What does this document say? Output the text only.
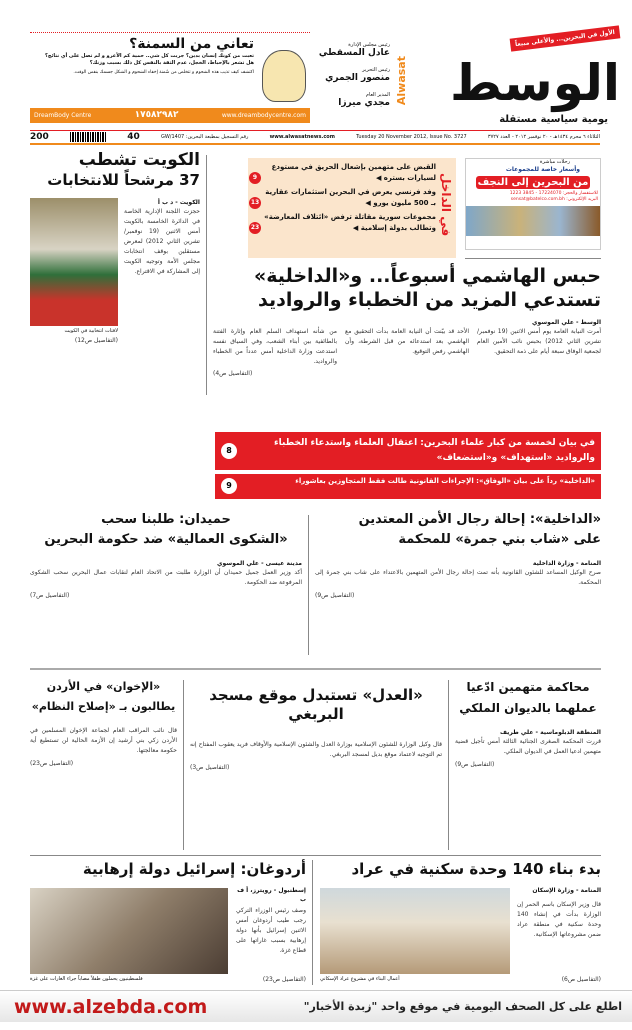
الأول في البحرين... والأعلى مبيعاً
الوسط
Alwasat
يومية سياسية مستقلة
رئيس مجلس الإدارة
عادل المسقطي
رئيس التحرير
منصور الجمري
المدير العام
مجدي ميرزا
تعاني من السمنة؟
تعبت من كونك إنسان بدين؟ جربت كل شي.. حمية كم الأعرو و لم تصل على أي نتائج؟
هل تشعر بالإحباط، الخجل، عدم الثقة بالنفس كل ذلك بسبب وزنك؟
اكتشف كيف تذيب هذه الشحوم و تتخلص من سُمنة إخفاء الشحوم و الشكل جسمك بنفس الوقت.
DreamBody Centre	١٧٥٨٢٩٨٢	www.dreambodycentre.com
200	40	رقم التسجيل بمطبعة البحرين: GW/1407	www.alwasatnews.com	Tuesday 20 November 2012, Issue No. 3727	الثلاثاء ٦ محرم ١٤٣٤هـ - ٢٠ نوفمبر ٢٠١٢ - العدد ٣٧٢٧
الكويت تشطب
37 مرشحاً للانتخابات
لافتات انتخابية في الكويت
(التفاصيل ص12)
الكويت - د ب أ
حجزت اللجنة الإدارية الخاصة في الدائرة الخامسة بالكويت أمس الاثنين (19 نوفمبر/ تشرين الثاني 2012) لمعرض مستقلين بوقف انتخابات مجلس الأمة وتوجيه الكويت إلى المشاركة في الاقتراع.
في الداخل
القبض على متهمين بإشعال الحريق في مستودع لسيارات بستره ◀
9
وفد فرنسي يعرض في البحرين استثمارات عقارية بـ 500 مليون يورو ◀
13
مجموعات سورية مقاتلة ترفض «ائتلاف المعارضة» وتطالب بدولة إسلامية ◀
23
رحلات مباشرة
وأسعار خاصة للمجموعات
من البحرين إلى النجف
للاستفسار والحجز: 17224070 - 3845 1223
البريد الإلكتروني: sensat@batelco.com.bh
حبس الهاشمي أسبوعاً... و«الداخلية»
تستدعي المزيد من الخطباء والرواديد
الوسط - علي الموسوي
أمرت النيابة العامة يوم أمس الاثنين (19 نوفمبر/ تشرين الثاني 2012) بحبس نائب الأمين العام لجمعية الوفاق سبعة أيام على ذمة التحقيق.
الأحد قد بيّنت أن النيابة العامة بدأت التحقيق مع الهاشمي بعد استدعائه من قبل الشرطة، وأن الهاشمي رفض التوقيع.
من شأنه استهداف السلم العام وإثارة الفتنة بالطائفية بين أبناء الشعب، وفي السياق نفسه استدعت وزارة الداخلية أمس عدداً من الخطباء والرواديد.
(التفاصيل ص4)
في بيان لخمسة من كبار علماء البحرين: اعتقال العلماء واستدعاء الخطباء والرواديد «استهداف» و«استضعاف»
8
«الداخلية» رداً على بيان «الوفاق»: الإجراءات القانونية طالت فقط المتجاوزين بعاشوراء
9
«الداخلية»: إحالة رجال الأمن المعتدين
على «شاب بني جمرة» للمحكمة
المنامة - وزارة الداخلية
صرح الوكيل المساعد للشئون القانونية بأنه تمت إحالة رجال الأمن المتهمين بالاعتداء على شاب بني جمرة إلى المحكمة.
(التفاصيل ص9)
حميدان: طلبنا سحب
«الشكوى العمالية» ضد حكومة البحرين
مدينة عيسى - علي الموسوي
أكد وزير العمل جميل حميدان أن الوزارة طلبت من الاتحاد العام لنقابات عمال البحرين سحب الشكوى المرفوعة ضد الحكومة.
(التفاصيل ص7)
محاكمة متهمين ادّعيا
عملهما بالديوان الملكي
المنطقة الدبلوماسية - علي طريف
قررت المحكمة الصغرى الجنائية الثالثة أمس تأجيل قضية متهمين ادعيا العمل في الديوان الملكي.
(التفاصيل ص9)
«العدل» تستبدل موقع مسجد البربغي
قال وكيل الوزارة للشئون الإسلامية بوزارة العدل والشئون الإسلامية والأوقاف فريد يعقوب المفتاح إنه تم التوجيه لاعتماد موقع بديل لمسجد البربغي.
(التفاصيل ص3)
«الإخوان» في الأردن
يطالبون بـ «إصلاح النظام»
قال نائب المراقب العام لجماعة الإخوان المسلمين في الأردن زكي بني أرشيد إن الأزمة الحالية لن تستطيع أية حكومة معالجتها.
(التفاصيل ص23)
بدء بناء 140 وحدة سكنية في عراد
المنامة - وزارة الإسكان
قال وزير الإسكان باسم الحمر إن الوزارة بدأت في إنشاء 140 وحدة سكنية في منطقة عراد ضمن مشروعاتها الإسكانية.
أعمال البناء في مشروع عراد الإسكاني	(التفاصيل ص6)
أردوغان: إسرائيل دولة إرهابية
إسطنبول - رويترز، أ ف ب
وصف رئيس الوزراء التركي رجب طيب أردوغان أمس الاثنين إسرائيل بأنها دولة إرهابية بسبب غاراتها على قطاع غزة.
فلسطينيون يحملون طفلاً مصاباً جراء الغارات على غزة	(التفاصيل ص23)
www.alzebda.com	اطلع على كل الصحف اليومية في موقع واحد "زبدة الأخبار"
